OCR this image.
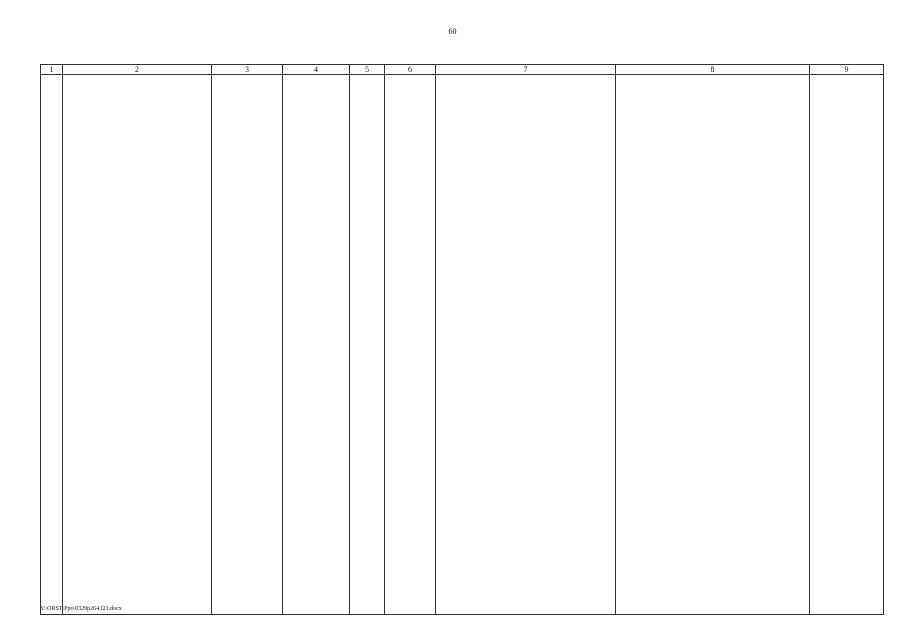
60
1	2	3	4	5	6	7	8	9

Y:\ORST\Ppo\0329p264.f21.docx
